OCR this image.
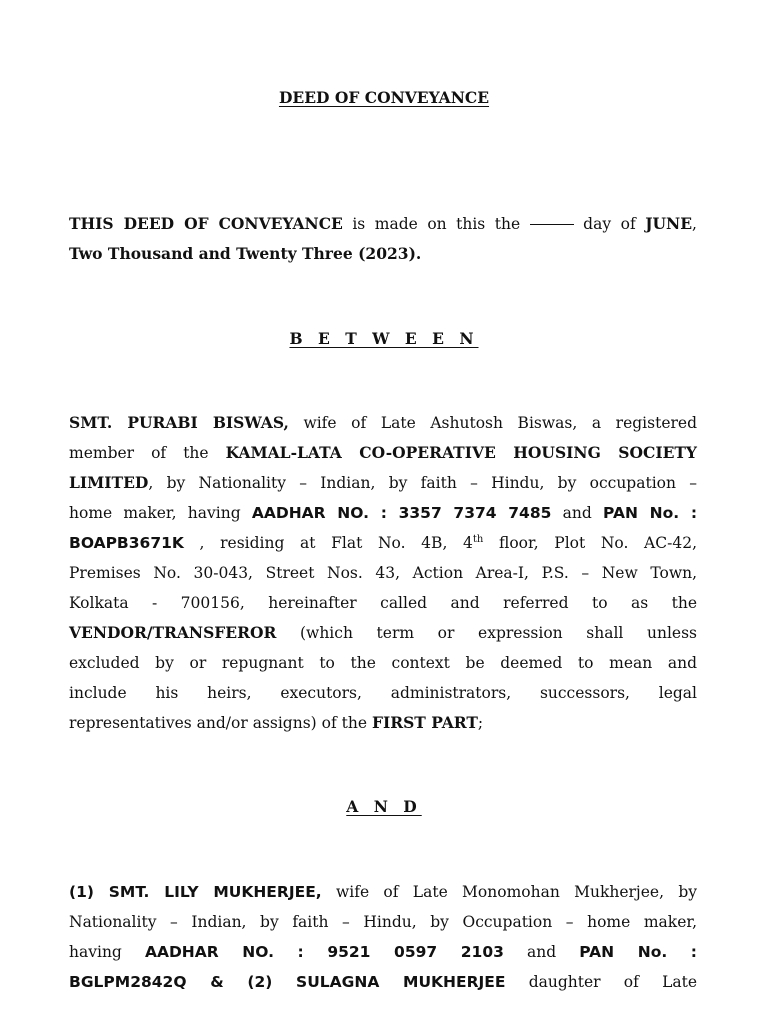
DEED OF CONVEYANCE
THIS DEED OF CONVEYANCE is made on this the	day of JUNE,
Two Thousand and Twenty Three (2023).
B E T W E E N
SMT. PURABI BISWAS, wife of Late Ashutosh Biswas, a registered
member of the KAMAL-LATA CO-OPERATIVE HOUSING SOCIETY
LIMITED, by Nationality – Indian, by faith – Hindu, by occupation –
home maker, having AADHAR NO. : 3357 7374 7485 and PAN No. :
BOAPB3671K , residing at Flat No. 4B, 4th floor, Plot No. AC-42,
Premises No. 30-043, Street Nos. 43, Action Area-I, P.S. – New Town,
Kolkata - 700156, hereinafter called and referred to as the
VENDOR/TRANSFEROR (which term or expression shall unless
excluded by or repugnant to the context be deemed to mean and
include his heirs, executors, administrators, successors, legal
representatives and/or assigns) of the FIRST PART;
A N D
(1) SMT. LILY MUKHERJEE, wife of Late Monomohan Mukherjee, by
Nationality – Indian, by faith – Hindu, by Occupation – home maker,
having AADHAR NO. : 9521 0597 2103 and PAN No. :
BGLPM2842Q & (2) SULAGNA MUKHERJEE daughter of Late
